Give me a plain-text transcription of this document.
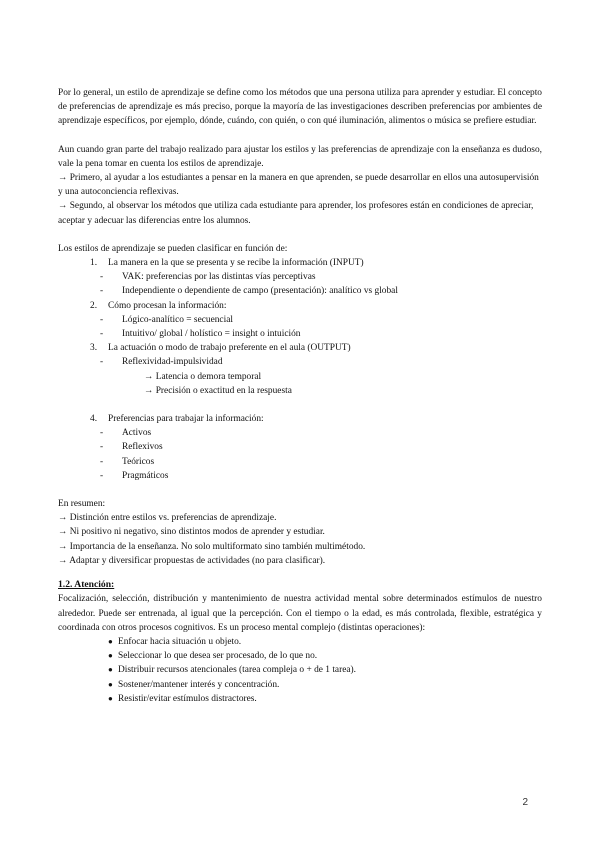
Por lo general, un estilo de aprendizaje se define como los métodos que una persona utiliza para aprender y estudiar. El concepto de preferencias de aprendizaje es más preciso, porque la mayoría de las investigaciones describen preferencias por ambientes de aprendizaje específicos, por ejemplo, dónde, cuándo, con quién, o con qué iluminación, alimentos o música se prefiere estudiar.

Aun cuando gran parte del trabajo realizado para ajustar los estilos y las preferencias de aprendizaje con la enseñanza es dudoso, vale la pena tomar en cuenta los estilos de aprendizaje.

→ Primero, al ayudar a los estudiantes a pensar en la manera en que aprenden, se puede desarrollar en ellos una autosupervisión y una autoconciencia reflexivas.

→ Segundo, al observar los métodos que utiliza cada estudiante para aprender, los profesores están en condiciones de apreciar, aceptar y adecuar las diferencias entre los alumnos.

Los estilos de aprendizaje se pueden clasificar en función de:

1. La manera en la que se presenta y se recibe la información (INPUT)
- VAK: preferencias por las distintas vías perceptivas
- Independiente o dependiente de campo (presentación): analítico vs global
2. Cómo procesan la información:
- Lógico-analítico = secuencial
- Intuitivo/ global / holístico = insight o intuición
3. La actuación o modo de trabajo preferente en el aula (OUTPUT)
- Reflexividad-impulsividad

→ Latencia o demora temporal

→ Precisión o exactitud en la respuesta

4. Preferencias para trabajar la información:
- Activos
- Reflexivos
- Teóricos
- Pragmáticos

En resumen:

→ Distinción entre estilos vs. preferencias de aprendizaje.

→ Ni positivo ni negativo, sino distintos modos de aprender y estudiar.

→ Importancia de la enseñanza. No solo multiformato sino también multimétodo.

→ Adaptar y diversificar propuestas de actividades (no para clasificar).

1.2. Atención:

Focalización, selección, distribución y mantenimiento de nuestra actividad mental sobre determinados estímulos de nuestro alrededor. Puede ser entrenada, al igual que la percepción. Con el tiempo o la edad, es más controlada, flexible, estratégica y coordinada con otros procesos cognitivos. Es un proceso mental complejo (distintas operaciones):

● Enfocar hacia situación u objeto.
● Seleccionar lo que desea ser procesado, de lo que no.
● Distribuir recursos atencionales (tarea compleja o + de 1 tarea).
● Sostener/mantener interés y concentración.
● Resistir/evitar estímulos distractores.
2
